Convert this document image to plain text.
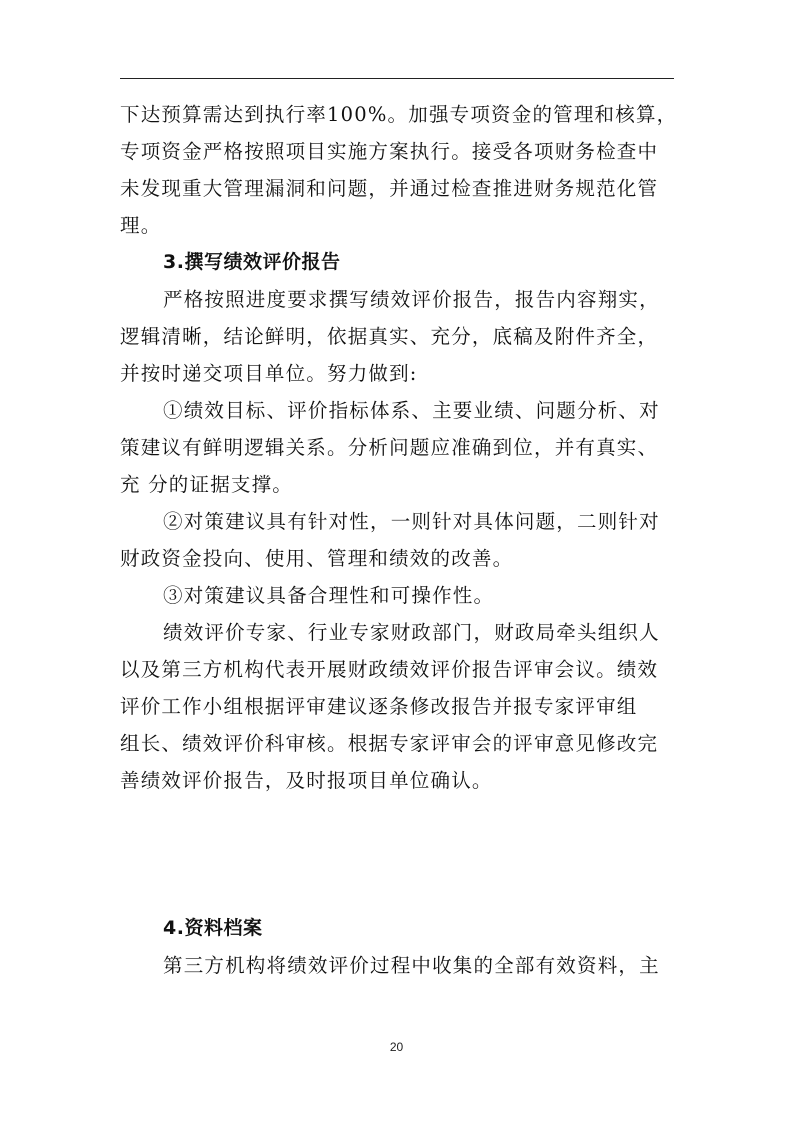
下达预算需达到执行率100%。加强专项资金的管理和核算，
专项资金严格按照项目实施方案执行。接受各项财务检查中
未发现重大管理漏洞和问题，并通过检查推进财务规范化管
理。
3.撰写绩效评价报告
严格按照进度要求撰写绩效评价报告，报告内容翔实，
逻辑清晰，结论鲜明，依据真实、充分，底稿及附件齐全，
并按时递交项目单位。努力做到:
①绩效目标、评价指标体系、主要业绩、问题分析、对
策建议有鲜明逻辑关系。分析问题应准确到位，并有真实、
充 分的证据支撑。
②对策建议具有针对性，一则针对具体问题，二则针对
财政资金投向、使用、管理和绩效的改善。
③对策建议具备合理性和可操作性。
绩效评价专家、行业专家财政部门，财政局牵头组织人
以及第三方机构代表开展财政绩效评价报告评审会议。绩效
评价工作小组根据评审建议逐条修改报告并报专家评审组
组长、绩效评价科审核。根据专家评审会的评审意见修改完
善绩效评价报告，及时报项目单位确认。
4.资料档案
第三方机构将绩效评价过程中收集的全部有效资料，主
20
